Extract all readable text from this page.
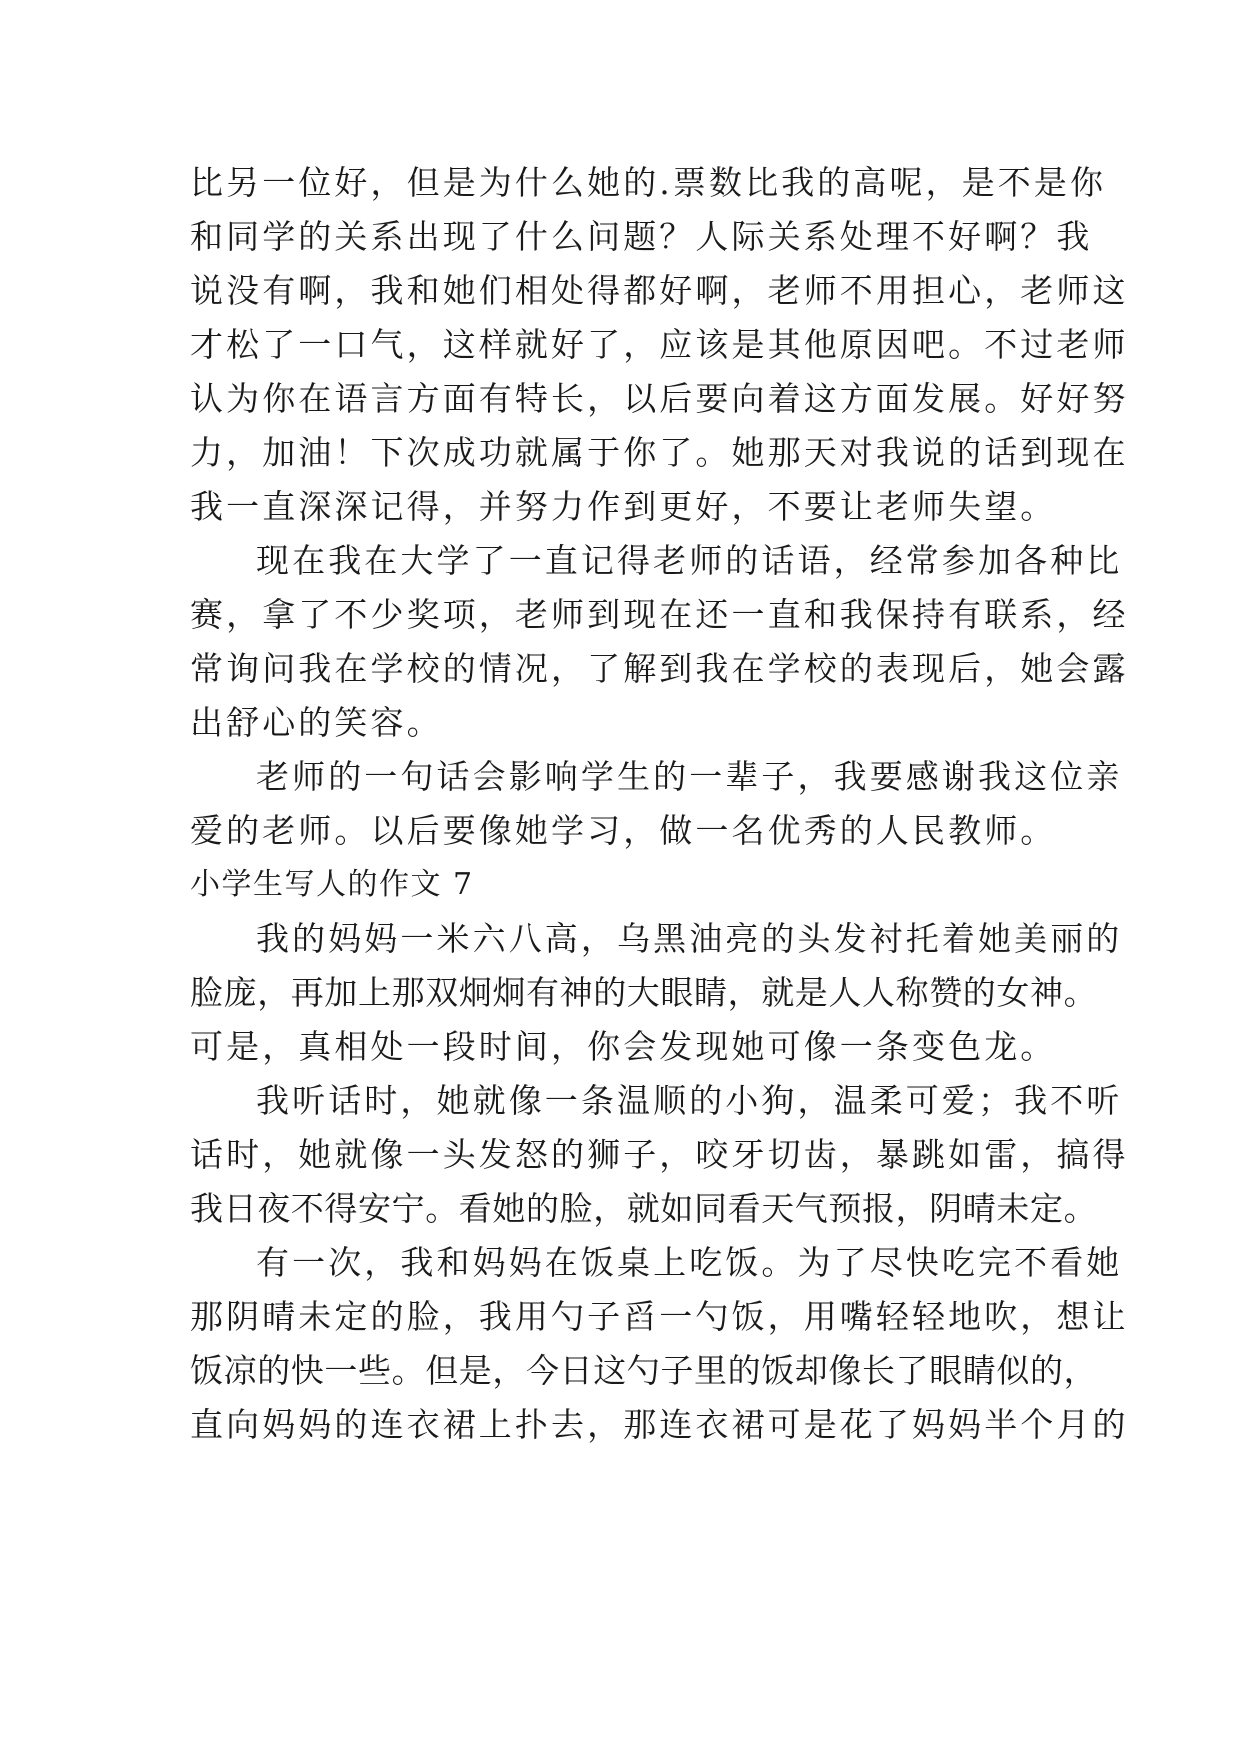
比另一位好，但是为什么她的.票数比我的高呢，是不是你
和同学的关系出现了什么问题？人际关系处理不好啊？我
说没有啊，我和她们相处得都好啊，老师不用担心，老师这
才松了一口气，这样就好了，应该是其他原因吧。不过老师
认为你在语言方面有特长，以后要向着这方面发展。好好努
力，加油！下次成功就属于你了。她那天对我说的话到现在
我一直深深记得，并努力作到更好，不要让老师失望。
现在我在大学了一直记得老师的话语，经常参加各种比
赛，拿了不少奖项，老师到现在还一直和我保持有联系，经
常询问我在学校的情况，了解到我在学校的表现后，她会露
出舒心的笑容。
老师的一句话会影响学生的一辈子，我要感谢我这位亲
爱的老师。以后要像她学习，做一名优秀的人民教师。
小学生写人的作文 7
我的妈妈一米六八高，乌黑油亮的头发衬托着她美丽的
脸庞，再加上那双炯炯有神的大眼睛，就是人人称赞的女神。
可是，真相处一段时间，你会发现她可像一条变色龙。
我听话时，她就像一条温顺的小狗，温柔可爱；我不听
话时，她就像一头发怒的狮子，咬牙切齿，暴跳如雷，搞得
我日夜不得安宁。看她的脸，就如同看天气预报，阴晴未定。
有一次，我和妈妈在饭桌上吃饭。为了尽快吃完不看她
那阴晴未定的脸，我用勺子舀一勺饭，用嘴轻轻地吹，想让
饭凉的快一些。但是，今日这勺子里的饭却像长了眼睛似的，
直向妈妈的连衣裙上扑去，那连衣裙可是花了妈妈半个月的
